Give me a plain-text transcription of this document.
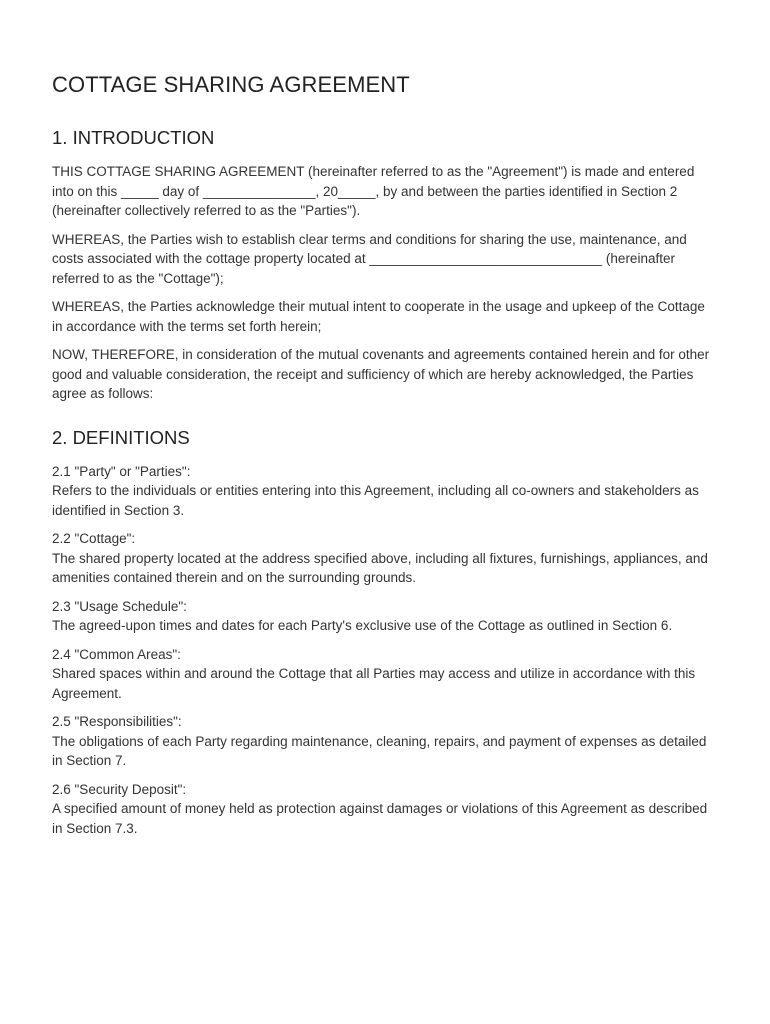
COTTAGE SHARING AGREEMENT
1. INTRODUCTION

THIS COTTAGE SHARING AGREEMENT (hereinafter referred to as the "Agreement") is made and entered into on this _____ day of _______________, 20_____, by and between the parties identified in Section 2 (hereinafter collectively referred to as the "Parties").

WHEREAS, the Parties wish to establish clear terms and conditions for sharing the use, maintenance, and costs associated with the cottage property located at _______________________________ (hereinafter referred to as the "Cottage");

WHEREAS, the Parties acknowledge their mutual intent to cooperate in the usage and upkeep of the Cottage in accordance with the terms set forth herein;

NOW, THEREFORE, in consideration of the mutual covenants and agreements contained herein and for other good and valuable consideration, the receipt and sufficiency of which are hereby acknowledged, the Parties agree as follows:

2. DEFINITIONS
2.1 "Party" or "Parties":
Refers to the individuals or entities entering into this Agreement, including all co-owners and stakeholders as identified in Section 3.
2.2 "Cottage":
The shared property located at the address specified above, including all fixtures, furnishings, appliances, and amenities contained therein and on the surrounding grounds.
2.3 "Usage Schedule":
The agreed-upon times and dates for each Party's exclusive use of the Cottage as outlined in Section 6.
2.4 "Common Areas":
Shared spaces within and around the Cottage that all Parties may access and utilize in accordance with this Agreement.
2.5 "Responsibilities":
The obligations of each Party regarding maintenance, cleaning, repairs, and payment of expenses as detailed in Section 7.
2.6 "Security Deposit":
A specified amount of money held as protection against damages or violations of this Agreement as described in Section 7.3.
